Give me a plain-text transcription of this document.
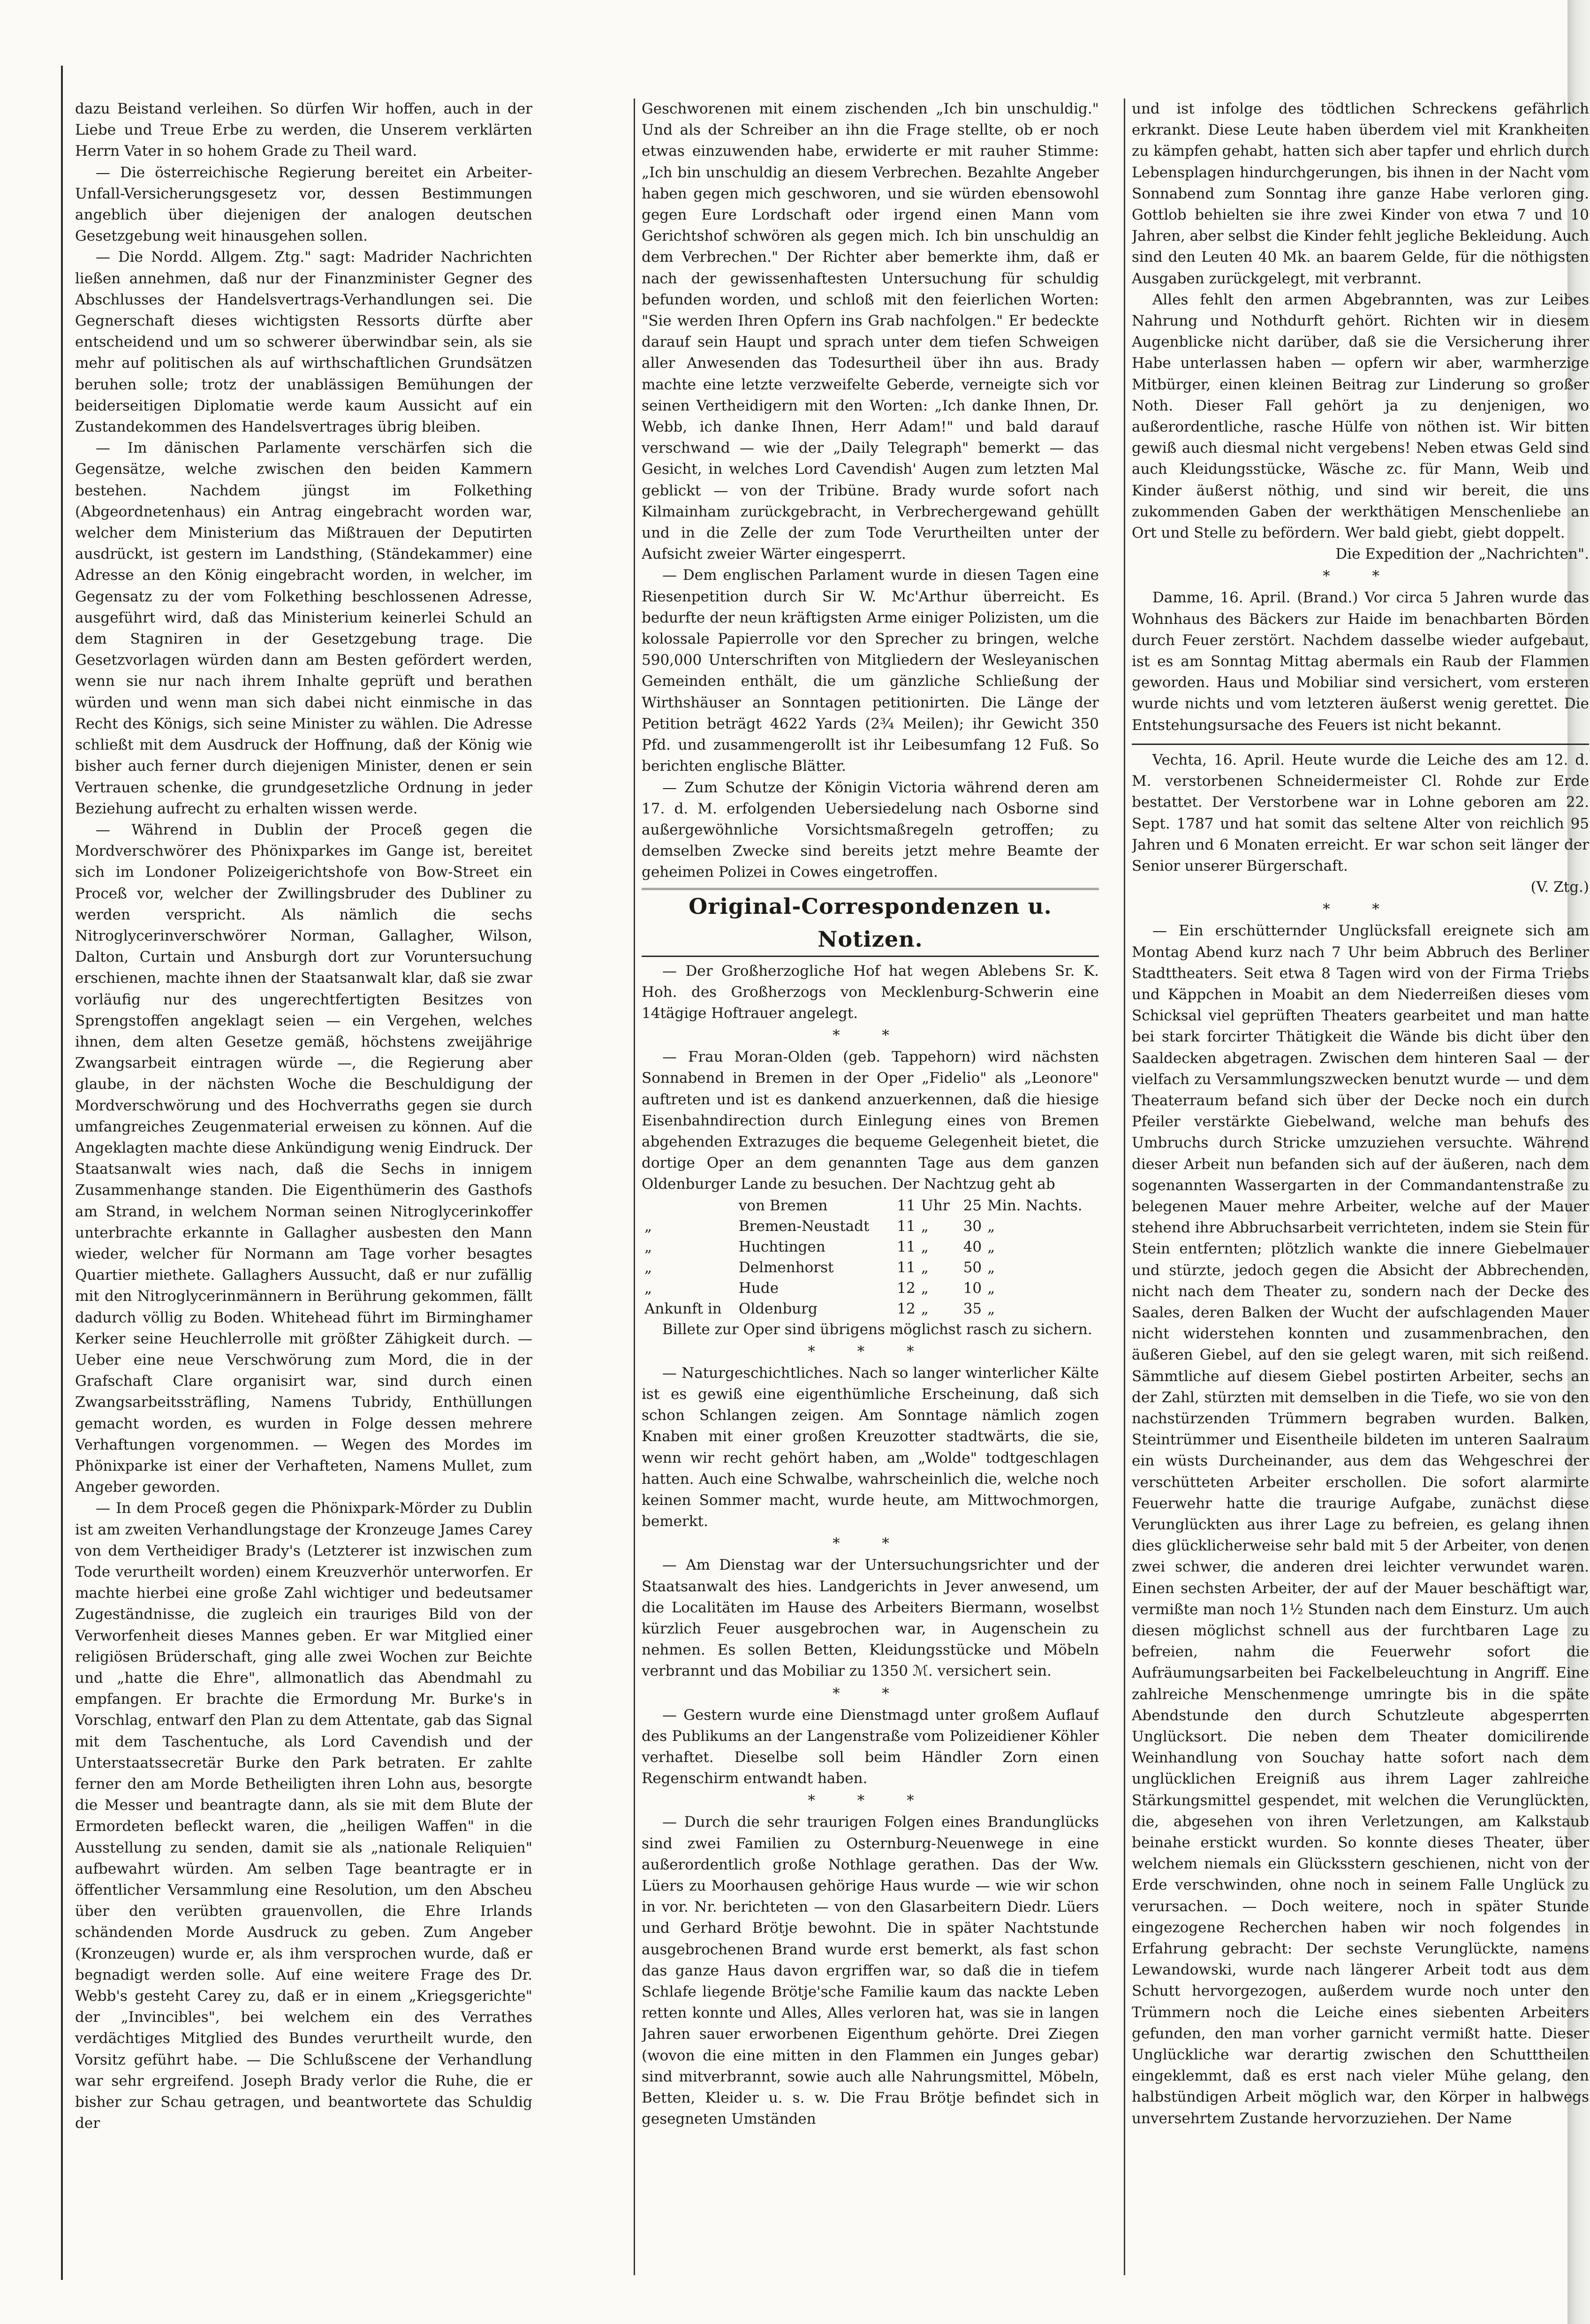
dazu Beistand verleihen. So dürfen Wir hoffen, auch in der Liebe und Treue Erbe zu werden, die Unserem verklärten Herrn Vater in so hohem Grade zu Theil ward.

— Die österreichische Regierung bereitet ein Arbeiter-Unfall-Versicherungsgesetz vor, dessen Bestimmungen angeblich über diejenigen der analogen deutschen Gesetzgebung weit hinausgehen sollen.

— Die Nordd. Allgem. Ztg." sagt: Madrider Nachrichten ließen annehmen, daß nur der Finanzminister Gegner des Abschlusses der Handelsvertrags-Verhandlungen sei. Die Gegnerschaft dieses wichtigsten Ressorts dürfte aber entscheidend und um so schwerer überwindbar sein, als sie mehr auf politischen als auf wirthschaftlichen Grundsätzen beruhen solle; trotz der unablässigen Bemühungen der beiderseitigen Diplomatie werde kaum Aussicht auf ein Zustandekommen des Handelsvertrages übrig bleiben.

— Im dänischen Parlamente verschärfen sich die Gegensätze, welche zwischen den beiden Kammern bestehen. Nachdem jüngst im Folkething (Abgeordnetenhaus) ein Antrag eingebracht worden war, welcher dem Ministerium das Mißtrauen der Deputirten ausdrückt, ist gestern im Landsthing, (Ständekammer) eine Adresse an den König eingebracht worden, in welcher, im Gegensatz zu der vom Folkething beschlossenen Adresse, ausgeführt wird, daß das Ministerium keinerlei Schuld an dem Stagniren in der Gesetzgebung trage. Die Gesetzvorlagen würden dann am Besten gefördert werden, wenn sie nur nach ihrem Inhalte geprüft und berathen würden und wenn man sich dabei nicht einmische in das Recht des Königs, sich seine Minister zu wählen. Die Adresse schließt mit dem Ausdruck der Hoffnung, daß der König wie bisher auch ferner durch diejenigen Minister, denen er sein Vertrauen schenke, die grundgesetzliche Ordnung in jeder Beziehung aufrecht zu erhalten wissen werde.

— Während in Dublin der Proceß gegen die Mordverschwörer des Phönixparkes im Gange ist, bereitet sich im Londoner Polizeigerichtshofe von Bow-Street ein Proceß vor, welcher der Zwillingsbruder des Dubliner zu werden verspricht. Als nämlich die sechs Nitroglycerinverschwörer Norman, Gallagher, Wilson, Dalton, Curtain und Ansburgh dort zur Voruntersuchung erschienen, machte ihnen der Staatsanwalt klar, daß sie zwar vorläufig nur des ungerechtfertigten Besitzes von Sprengstoffen angeklagt seien — ein Vergehen, welches ihnen, dem alten Gesetze gemäß, höchstens zweijährige Zwangsarbeit eintragen würde —, die Regierung aber glaube, in der nächsten Woche die Beschuldigung der Mordverschwörung und des Hochverraths gegen sie durch umfangreiches Zeugenmaterial erweisen zu können. Auf die Angeklagten machte diese Ankündigung wenig Eindruck. Der Staatsanwalt wies nach, daß die Sechs in innigem Zusammenhange standen. Die Eigenthümerin des Gasthofs am Strand, in welchem Norman seinen Nitroglycerinkoffer unterbrachte erkannte in Gallagher ausbesten den Mann wieder, welcher für Normann am Tage vorher besagtes Quartier miethete. Gallaghers Aussucht, daß er nur zufällig mit den Nitroglycerinmännern in Berührung gekommen, fällt dadurch völlig zu Boden. Whitehead führt im Birminghamer Kerker seine Heuchlerrolle mit größter Zähigkeit durch. — Ueber eine neue Verschwörung zum Mord, die in der Grafschaft Clare organisirt war, sind durch einen Zwangsarbeitssträfling, Namens Tubridy, Enthüllungen gemacht worden, es wurden in Folge dessen mehrere Verhaftungen vorgenommen. — Wegen des Mordes im Phönixparke ist einer der Verhafteten, Namens Mullet, zum Angeber geworden.

— In dem Proceß gegen die Phönixpark-Mörder zu Dublin ist am zweiten Verhandlungstage der Kronzeuge James Carey von dem Vertheidiger Brady's (Letzterer ist inzwischen zum Tode verurtheilt worden) einem Kreuzverhör unterworfen. Er machte hierbei eine große Zahl wichtiger und bedeutsamer Zugeständnisse, die zugleich ein trauriges Bild von der Verworfenheit dieses Mannes geben. Er war Mitglied einer religiösen Brüderschaft, ging alle zwei Wochen zur Beichte und „hatte die Ehre", allmonatlich das Abendmahl zu empfangen. Er brachte die Ermordung Mr. Burke's in Vorschlag, entwarf den Plan zu dem Attentate, gab das Signal mit dem Taschentuche, als Lord Cavendish und der Unterstaatssecretär Burke den Park betraten. Er zahlte ferner den am Morde Betheiligten ihren Lohn aus, besorgte die Messer und beantragte dann, als sie mit dem Blute der Ermordeten befleckt waren, die „heiligen Waffen" in die Ausstellung zu senden, damit sie als „nationale Reliquien" aufbewahrt würden. Am selben Tage beantragte er in öffentlicher Versammlung eine Resolution, um den Abscheu über den verübten grauenvollen, die Ehre Irlands schändenden Morde Ausdruck zu geben. Zum Angeber (Kronzeugen) wurde er, als ihm versprochen wurde, daß er begnadigt werden solle. Auf eine weitere Frage des Dr. Webb's gesteht Carey zu, daß er in einem „Kriegsgerichte" der „Invincibles", bei welchem ein des Verrathes verdächtiges Mitglied des Bundes verurtheilt wurde, den Vorsitz geführt habe. — Die Schlußscene der Verhandlung war sehr ergreifend. Joseph Brady verlor die Ruhe, die er bisher zur Schau getragen, und beantwortete das Schuldig der

Geschworenen mit einem zischenden „Ich bin unschuldig." Und als der Schreiber an ihn die Frage stellte, ob er noch etwas einzuwenden habe, erwiderte er mit rauher Stimme: „Ich bin unschuldig an diesem Verbrechen. Bezahlte Angeber haben gegen mich geschworen, und sie würden ebensowohl gegen Eure Lordschaft oder irgend einen Mann vom Gerichtshof schwören als gegen mich. Ich bin unschuldig an dem Verbrechen." Der Richter aber bemerkte ihm, daß er nach der gewissenhaftesten Untersuchung für schuldig befunden worden, und schloß mit den feierlichen Worten: "Sie werden Ihren Opfern ins Grab nachfolgen." Er bedeckte darauf sein Haupt und sprach unter dem tiefen Schweigen aller Anwesenden das Todesurtheil über ihn aus. Brady machte eine letzte verzweifelte Geberde, verneigte sich vor seinen Vertheidigern mit den Worten: „Ich danke Ihnen, Dr. Webb, ich danke Ihnen, Herr Adam!" und bald darauf verschwand — wie der „Daily Telegraph" bemerkt — das Gesicht, in welches Lord Cavendish' Augen zum letzten Mal geblickt — von der Tribüne. Brady wurde sofort nach Kilmainham zurückgebracht, in Verbrechergewand gehüllt und in die Zelle der zum Tode Verurtheilten unter der Aufsicht zweier Wärter eingesperrt.

— Dem englischen Parlament wurde in diesen Tagen eine Riesenpetition durch Sir W. Mc'Arthur überreicht. Es bedurfte der neun kräftigsten Arme einiger Polizisten, um die kolossale Papierrolle vor den Sprecher zu bringen, welche 590,000 Unterschriften von Mitgliedern der Wesleyanischen Gemeinden enthält, die um gänzliche Schließung der Wirthshäuser an Sonntagen petitionirten. Die Länge der Petition beträgt 4622 Yards (2¾ Meilen); ihr Gewicht 350 Pfd. und zusammengerollt ist ihr Leibesumfang 12 Fuß. So berichten englische Blätter.

— Zum Schutze der Königin Victoria während deren am 17. d. M. erfolgenden Uebersiedelung nach Osborne sind außergewöhnliche Vorsichtsmaßregeln getroffen; zu demselben Zwecke sind bereits jetzt mehre Beamte der geheimen Polizei in Cowes eingetroffen.

Original-Correspondenzen u. Notizen.

— Der Großherzogliche Hof hat wegen Ablebens Sr. K. Hoh. des Großherzogs von Mecklenburg-Schwerin eine 14tägige Hoftrauer angelegt.

* *

— Frau Moran-Olden (geb. Tappehorn) wird nächsten Sonnabend in Bremen in der Oper „Fidelio" als „Leonore" auftreten und ist es dankend anzuerkennen, daß die hiesige Eisenbahndirection durch Einlegung eines von Bremen abgehenden Extrazuges die bequeme Gelegenheit bietet, die dortige Oper an dem genannten Tage aus dem ganzen Oldenburger Lande zu besuchen. Der Nachtzug geht ab

	von Bremen	11	Uhr	25	Min. Nachts.
„	Bremen-Neustadt	11	„	30	„
„	Huchtingen	11	„	40	„
„	Delmenhorst	11	„	50	„
„	Hude	12	„	10	„
Ankunft in	Oldenburg	12	„	35	„

Billete zur Oper sind übrigens möglichst rasch zu sichern.

* * *

— Naturgeschichtliches. Nach so langer winterlicher Kälte ist es gewiß eine eigenthümliche Erscheinung, daß sich schon Schlangen zeigen. Am Sonntage nämlich zogen Knaben mit einer großen Kreuzotter stadtwärts, die sie, wenn wir recht gehört haben, am „Wolde" todtgeschlagen hatten. Auch eine Schwalbe, wahrscheinlich die, welche noch keinen Sommer macht, wurde heute, am Mittwochmorgen, bemerkt.

* *

— Am Dienstag war der Untersuchungsrichter und der Staatsanwalt des hies. Landgerichts in Jever anwesend, um die Localitäten im Hause des Arbeiters Biermann, woselbst kürzlich Feuer ausgebrochen war, in Augenschein zu nehmen. Es sollen Betten, Kleidungsstücke und Möbeln verbrannt und das Mobiliar zu 1350 ℳ. versichert sein.

* *

— Gestern wurde eine Dienstmagd unter großem Auflauf des Publikums an der Langenstraße vom Polizeidiener Köhler verhaftet. Dieselbe soll beim Händler Zorn einen Regenschirm entwandt haben.

* * *

— Durch die sehr traurigen Folgen eines Brandunglücks sind zwei Familien zu Osternburg-Neuenwege in eine außerordentlich große Nothlage gerathen. Das der Ww. Lüers zu Moorhausen gehörige Haus wurde — wie wir schon in vor. Nr. berichteten — von den Glasarbeitern Diedr. Lüers und Gerhard Brötje bewohnt. Die in später Nachtstunde ausgebrochenen Brand wurde erst bemerkt, als fast schon das ganze Haus davon ergriffen war, so daß die in tiefem Schlafe liegende Brötje'sche Familie kaum das nackte Leben retten konnte und Alles, Alles verloren hat, was sie in langen Jahren sauer erworbenen Eigenthum gehörte. Drei Ziegen (wovon die eine mitten in den Flammen ein Junges gebar) sind mitverbrannt, sowie auch alle Nahrungsmittel, Möbeln, Betten, Kleider u. s. w. Die Frau Brötje befindet sich in gesegneten Umständen

und ist infolge des tödtlichen Schreckens gefährlich erkrankt. Diese Leute haben überdem viel mit Krankheiten zu kämpfen gehabt, hatten sich aber tapfer und ehrlich durch Lebensplagen hindurchgerungen, bis ihnen in der Nacht vom Sonnabend zum Sonntag ihre ganze Habe verloren ging. Gottlob behielten sie ihre zwei Kinder von etwa 7 und 10 Jahren, aber selbst die Kinder fehlt jegliche Bekleidung. Auch sind den Leuten 40 Mk. an baarem Gelde, für die nöthigsten Ausgaben zurückgelegt, mit verbrannt.

Alles fehlt den armen Abgebrannten, was zur Leibes Nahrung und Nothdurft gehört. Richten wir in diesem Augenblicke nicht darüber, daß sie die Versicherung ihrer Habe unterlassen haben — opfern wir aber, warmherzige Mitbürger, einen kleinen Beitrag zur Linderung so großer Noth. Dieser Fall gehört ja zu denjenigen, wo außerordentliche, rasche Hülfe von nöthen ist. Wir bitten gewiß auch diesmal nicht vergebens! Neben etwas Geld sind auch Kleidungsstücke, Wäsche zc. für Mann, Weib und Kinder äußerst nöthig, und sind wir bereit, die uns zukommenden Gaben der werkthätigen Menschenliebe an Ort und Stelle zu befördern. Wer bald giebt, giebt doppelt.

Die Expedition der „Nachrichten".

* *

Damme, 16. April. (Brand.) Vor circa 5 Jahren wurde das Wohnhaus des Bäckers zur Haide im benachbarten Börden durch Feuer zerstört. Nachdem dasselbe wieder aufgebaut, ist es am Sonntag Mittag abermals ein Raub der Flammen geworden. Haus und Mobiliar sind versichert, vom ersteren wurde nichts und vom letzteren äußerst wenig gerettet. Die Entstehungsursache des Feuers ist nicht bekannt.

Vechta, 16. April. Heute wurde die Leiche des am 12. d. M. verstorbenen Schneidermeister Cl. Rohde zur Erde bestattet. Der Verstorbene war in Lohne geboren am 22. Sept. 1787 und hat somit das seltene Alter von reichlich 95 Jahren und 6 Monaten erreicht. Er war schon seit länger der Senior unserer Bürgerschaft.

(V. Ztg.)

* *

— Ein erschütternder Unglücksfall ereignete sich am Montag Abend kurz nach 7 Uhr beim Abbruch des Berliner Stadttheaters. Seit etwa 8 Tagen wird von der Firma Triebs und Käppchen in Moabit an dem Niederreißen dieses vom Schicksal viel geprüften Theaters gearbeitet und man hatte bei stark forcirter Thätigkeit die Wände bis dicht über den Saaldecken abgetragen. Zwischen dem hinteren Saal — der vielfach zu Versammlungszwecken benutzt wurde — und dem Theaterraum befand sich über der Decke noch ein durch Pfeiler verstärkte Giebelwand, welche man behufs des Umbruchs durch Stricke umzuziehen versuchte. Während dieser Arbeit nun befanden sich auf der äußeren, nach dem sogenannten Wassergarten in der Commandantenstraße zu belegenen Mauer mehre Arbeiter, welche auf der Mauer stehend ihre Abbruchsarbeit verrichteten, indem sie Stein für Stein entfernten; plötzlich wankte die innere Giebelmauer und stürzte, jedoch gegen die Absicht der Abbrechenden, nicht nach dem Theater zu, sondern nach der Decke des Saales, deren Balken der Wucht der aufschlagenden Mauer nicht widerstehen konnten und zusammenbrachen, den äußeren Giebel, auf den sie gelegt waren, mit sich reißend. Sämmtliche auf diesem Giebel postirten Arbeiter, sechs an der Zahl, stürzten mit demselben in die Tiefe, wo sie von den nachstürzenden Trümmern begraben wurden. Balken, Steintrümmer und Eisentheile bildeten im unteren Saalraum ein wüsts Durcheinander, aus dem das Wehgeschrei der verschütteten Arbeiter erschollen. Die sofort alarmirte Feuerwehr hatte die traurige Aufgabe, zunächst diese Verunglückten aus ihrer Lage zu befreien, es gelang ihnen dies glücklicherweise sehr bald mit 5 der Arbeiter, von denen zwei schwer, die anderen drei leichter verwundet waren. Einen sechsten Arbeiter, der auf der Mauer beschäftigt war, vermißte man noch 1½ Stunden nach dem Einsturz. Um auch diesen möglichst schnell aus der furchtbaren Lage zu befreien, nahm die Feuerwehr sofort die Aufräumungsarbeiten bei Fackelbeleuchtung in Angriff. Eine zahlreiche Menschenmenge umringte bis in die späte Abendstunde den durch Schutzleute abgesperrten Unglücksort. Die neben dem Theater domicilirende Weinhandlung von Souchay hatte sofort nach dem unglücklichen Ereigniß aus ihrem Lager zahlreiche Stärkungsmittel gespendet, mit welchen die Verunglückten, die, abgesehen von ihren Verletzungen, am Kalkstaub beinahe erstickt wurden. So konnte dieses Theater, über welchem niemals ein Glücksstern geschienen, nicht von der Erde verschwinden, ohne noch in seinem Falle Unglück zu verursachen. — Doch weitere, noch in später Stunde eingezogene Recherchen haben wir noch folgendes in Erfahrung gebracht: Der sechste Verunglückte, namens Lewandowski, wurde nach längerer Arbeit todt aus dem Schutt hervorgezogen, außerdem wurde noch unter den Trümmern noch die Leiche eines siebenten Arbeiters gefunden, den man vorher garnicht vermißt hatte. Dieser Unglückliche war derartig zwischen den Schutttheilen eingeklemmt, daß es erst nach vieler Mühe gelang, den halbstündigen Arbeit möglich war, den Körper in halbwegs unversehrtem Zustande hervorzuziehen. Der Name
